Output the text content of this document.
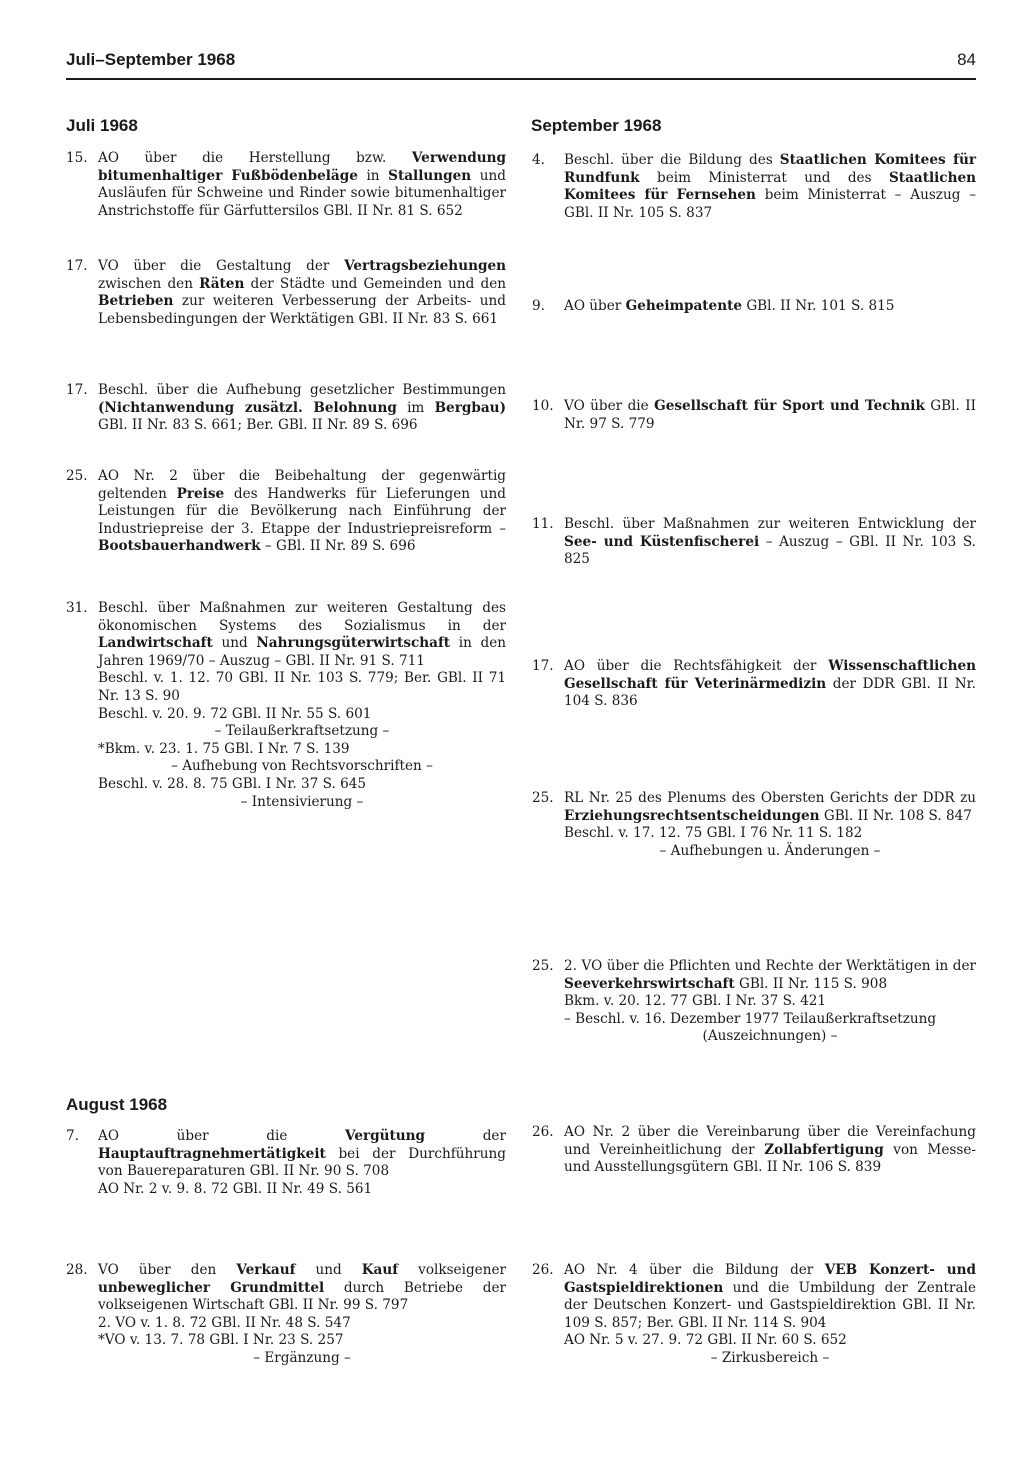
Juli–September 1968	84
Juli 1968	September 1968
August 1968
15. AO über die Herstellung bzw. Verwendung bitumenhaltiger Fußbödenbeläge in Stallungen und Ausläufen für Schweine und Rinder sowie bitumenhaltiger Anstrichstoffe für Gärfuttersilos GBl. II Nr. 81 S. 652
17. VO über die Gestaltung der Vertragsbeziehungen zwischen den Räten der Städte und Gemeinden und den Betrieben zur weiteren Verbesserung der Arbeits- und Lebensbedingungen der Werktätigen GBl. II Nr. 83 S. 661
17. Beschl. über die Aufhebung gesetzlicher Bestimmungen (Nichtanwendung zusätzl. Belohnung im Bergbau) GBl. II Nr. 83 S. 661; Ber. GBl. II Nr. 89 S. 696
25. AO Nr. 2 über die Beibehaltung der gegenwärtig geltenden Preise des Handwerks für Lieferungen und Leistungen für die Bevölkerung nach Einführung der Industriepreise der 3. Etappe der Industriepreisreform – Bootsbauerhandwerk – GBl. II Nr. 89 S. 696
31. Beschl. über Maßnahmen zur weiteren Gestaltung des ökonomischen Systems des Sozialismus in der Landwirtschaft und Nahrungsgüterwirtschaft in den Jahren 1969/70 – Auszug – GBl. II Nr. 91 S. 711
Beschl. v. 1. 12. 70 GBl. II Nr. 103 S. 779; Ber. GBl. II 71 Nr. 13 S. 90
Beschl. v. 20. 9. 72 GBl. II Nr. 55 S. 601
– Teilaußerkraftsetzung –
*Bkm. v. 23. 1. 75 GBl. I Nr. 7 S. 139
– Aufhebung von Rechtsvorschriften –
Beschl. v. 28. 8. 75 GBl. I Nr. 37 S. 645
– Intensivierung –
7.	AO über die Vergütung der Hauptauftragnehmertätigkeit bei der Durchführung von Bauereparaturen GBl. II Nr. 90 S. 708
AO Nr. 2 v. 9. 8. 72 GBl. II Nr. 49 S. 561
28. VO über den Verkauf und Kauf volkseigener unbeweglicher Grundmittel durch Betriebe der volkseigenen Wirtschaft GBl. II Nr. 99 S. 797
2. VO v. 1. 8. 72 GBl. II Nr. 48 S. 547
*VO v. 13. 7. 78 GBl. I Nr. 23 S. 257
– Ergänzung –
4.	Beschl. über die Bildung des Staatlichen Komitees für Rundfunk beim Ministerrat und des Staatlichen Komitees für Fernsehen beim Ministerrat – Auszug – GBl. II Nr. 105 S. 837
9.	AO über Geheimpatente GBl. II Nr. 101 S. 815
10. VO über die Gesellschaft für Sport und Technik GBl. II Nr. 97 S. 779
11. Beschl. über Maßnahmen zur weiteren Entwicklung der See- und Küstenfischerei – Auszug – GBl. II Nr. 103 S. 825
17. AO über die Rechtsfähigkeit der Wissenschaftlichen Gesellschaft für Veterinärmedizin der DDR GBl. II Nr. 104 S. 836
25. RL Nr. 25 des Plenums des Obersten Gerichts der DDR zu Erziehungsrechtsentscheidungen GBl. II Nr. 108 S. 847
Beschl. v. 17. 12. 75 GBl. I 76 Nr. 11 S. 182
– Aufhebungen u. Änderungen –
25. 2. VO über die Pflichten und Rechte der Werktätigen in der Seeverkehrswirtschaft GBl. II Nr. 115 S. 908
Bkm. v. 20. 12. 77 GBl. I Nr. 37 S. 421
– Beschl. v. 16. Dezember 1977 Teilaußerkraftsetzung
(Auszeichnungen) –
26. AO Nr. 2 über die Vereinbarung über die Vereinfachung und Vereinheitlichung der Zollabfertigung von Messe- und Ausstellungsgütern GBl. II Nr. 106 S. 839
26. AO Nr. 4 über die Bildung der VEB Konzert- und Gastspieldirektionen und die Umbildung der Zentrale der Deutschen Konzert- und Gastspieldirektion GBl. II Nr. 109 S. 857; Ber. GBl. II Nr. 114 S. 904
AO Nr. 5 v. 27. 9. 72 GBl. II Nr. 60 S. 652
– Zirkusbereich –
